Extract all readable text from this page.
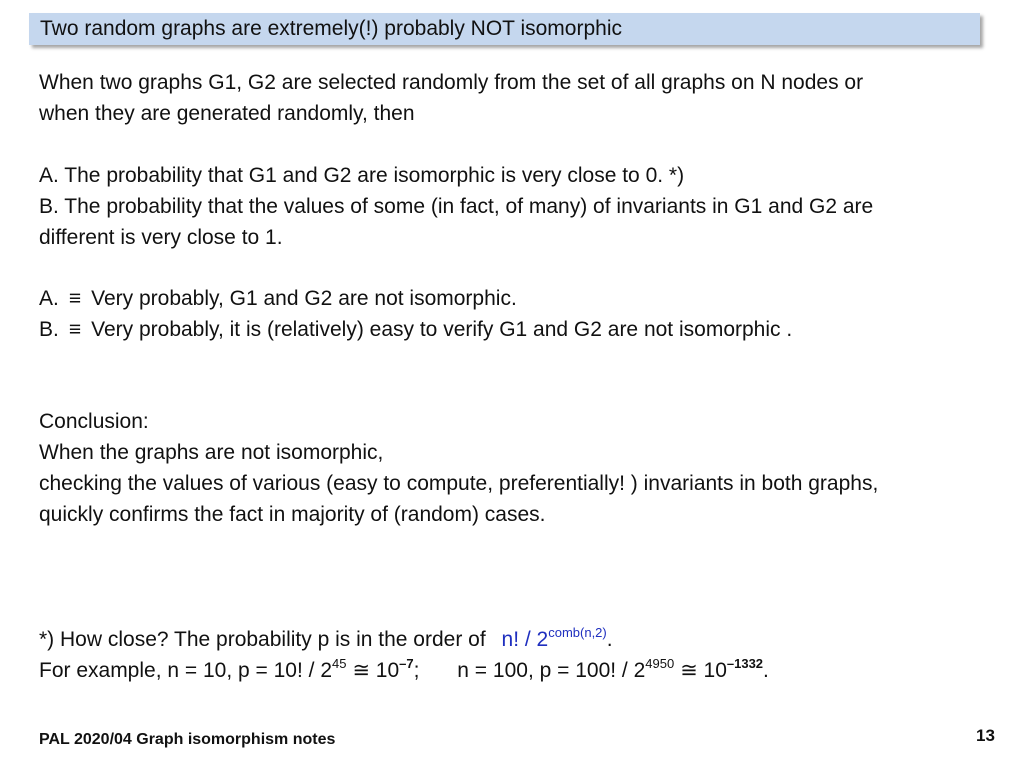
Two random graphs are extremely(!) probably NOT isomorphic
When two graphs G1, G2 are selected randomly from the set of all graphs on N nodes or
when they are generated randomly, then
A. The probability that G1 and G2 are isomorphic is very close to 0. *)
B. The probability that the values of some (in fact, of many) of invariants in G1 and G2 are
different is very close to 1.
A. ≡ Very probably, G1 and G2 are not isomorphic.
B. ≡ Very probably, it is (relatively) easy to verify G1 and G2 are not isomorphic .
Conclusion:
When the graphs are not isomorphic,
checking the values of various (easy to compute, preferentially! ) invariants in both graphs,
quickly confirms the fact in majority of (random) cases.
*) How close? The probability p is in the order of n! / $2^{comb(n,2)}$.
For example, n = 10, p = 10! / $2^{45}$ ≅ $10^{-7}$; n = 100, p = 100! / $2^{4950}$ ≅ $10^{-1332}$.
PAL 2020/04 Graph isomorphism notes	13
